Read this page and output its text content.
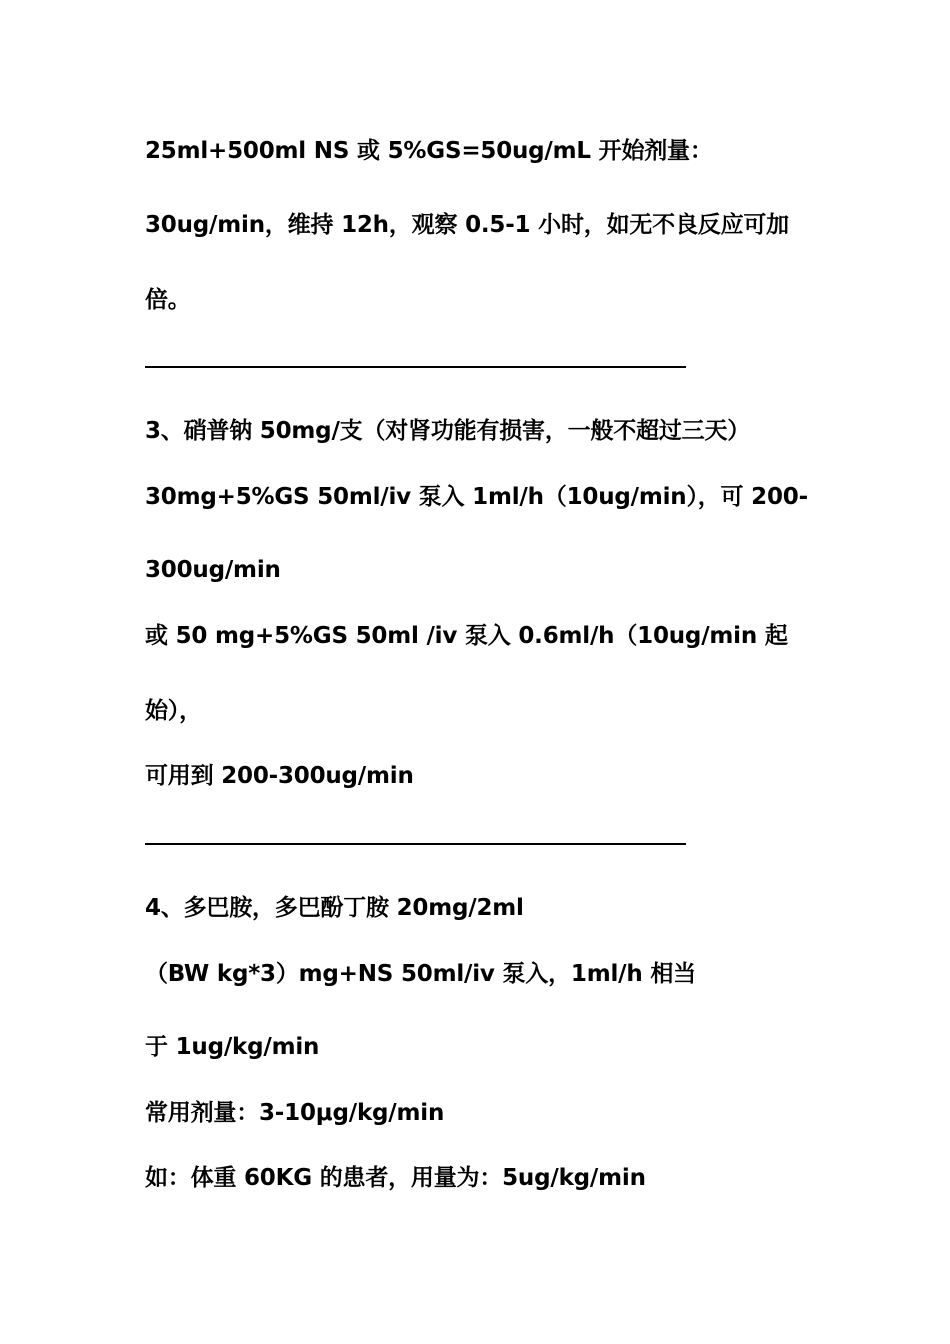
25ml+500ml NS 或 5%GS=50ug/mL 开始剂量：
30ug/min，维持 12h，观察 0.5-1 小时，如无不良反应可加
倍。
3、硝普钠 50mg/支（对肾功能有损害，一般不超过三天）
30mg+5%GS 50ml/iv 泵入 1ml/h（10ug/min），可 200-
300ug/min
或 50 mg+5%GS 50ml /iv 泵入 0.6ml/h（10ug/min 起
始），
可用到 200-300ug/min
4、多巴胺，多巴酚丁胺 20mg/2ml
（BW kg*3）mg+NS 50ml/iv 泵入，1ml/h 相当
于 1ug/kg/min
常用剂量：3-10μg/kg/min
如：体重 60KG 的患者，用量为：5ug/kg/min
